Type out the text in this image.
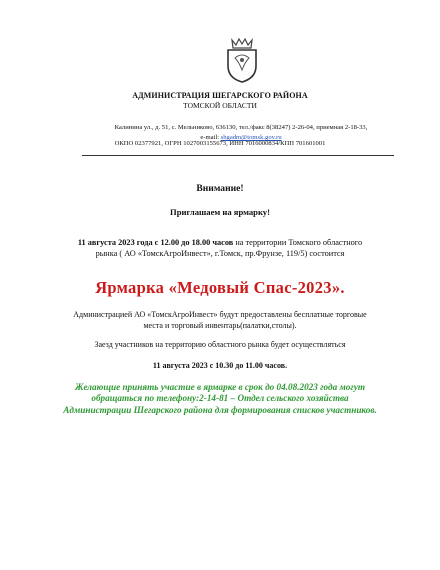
АДМИНИСТРАЦИЯ ШЕГАРСКОГО РАЙОНА
ТОМСКОЙ ОБЛАСТИ
Калинина ул., д. 51, с. Мельниково, 636130, тел./факс 8(38247) 2-26-04, приемная 2-18-33,
e-mail: shgadm@tomsk.gov.ru
ОКПО 02377921, ОГРН 1027003155673, ИНН 7016000834/КПП 701601001
Внимание!
Приглашаем на ярмарку!
11 августа 2023 года с 12.00 до 18.00 часов на территории Томского областного рынка ( АО «ТомскАгроИнвест», г.Томск, пр.Фрунзе, 119/5) состоится
Ярмарка «Медовый Спас-2023».
Администрацией АО «ТомскАгроИнвест» будут предоставлены бесплатные торговые места и торговый инвентарь(палатки,столы).
Заезд участников на территорию областного рынка будет осуществляться
11 августа 2023 с 10.30 до 11.00 часов.
Желающие принять участие в ярмарке в срок до 04.08.2023 года могут обращаться по телефону:2-14-81 – Отдел сельского хозяйства Администрации Шегарского района для формирования списков участников.
